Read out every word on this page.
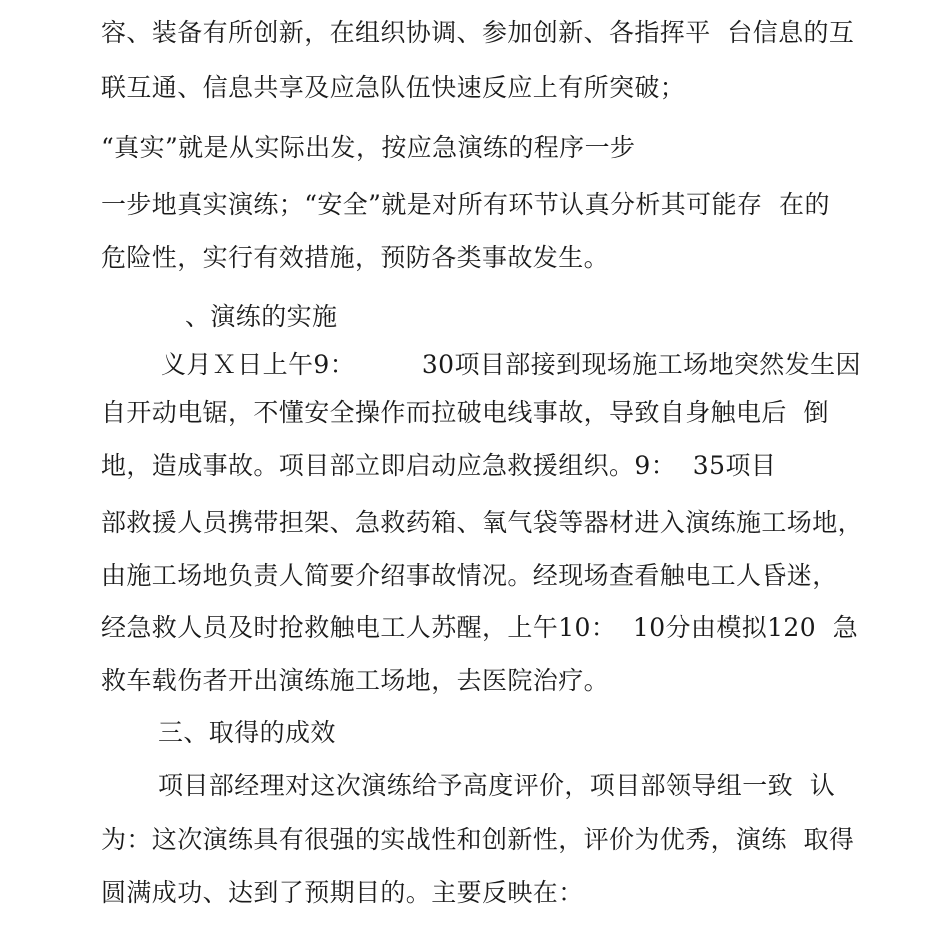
容、装备有所创新，在组织协调、参加创新、各指挥平  台信息的互
联互通、信息共享及应急队伍快速反应上有所突破；
“真实”就是从实际出发，按应急演练的程序一步
一步地真实演练；“安全”就是对所有环节认真分析其可能存  在的
危险性，实行有效措施，预防各类事故发生。
、演练的实施
义月Ｘ日上午9：        30项目部接到现场施工场地突然发生因
自开动电锯，不懂安全操作而拉破电线事故，导致自身触电后  倒
地，造成事故。项目部立即启动应急救援组织。9：  35项目
部救援人员携带担架、急救药箱、氧气袋等器材进入演练施工场地，
由施工场地负责人简要介绍事故情况。经现场查看触电工人昏迷，
经急救人员及时抢救触电工人苏醒，上午10：  10分由模拟120  急
救车载伤者开出演练施工场地，去医院治疗。
三、取得的成效
项目部经理对这次演练给予高度评价，项目部领导组一致  认
为：这次演练具有很强的实战性和创新性，评价为优秀，演练  取得
圆满成功、达到了预期目的。主要反映在：
